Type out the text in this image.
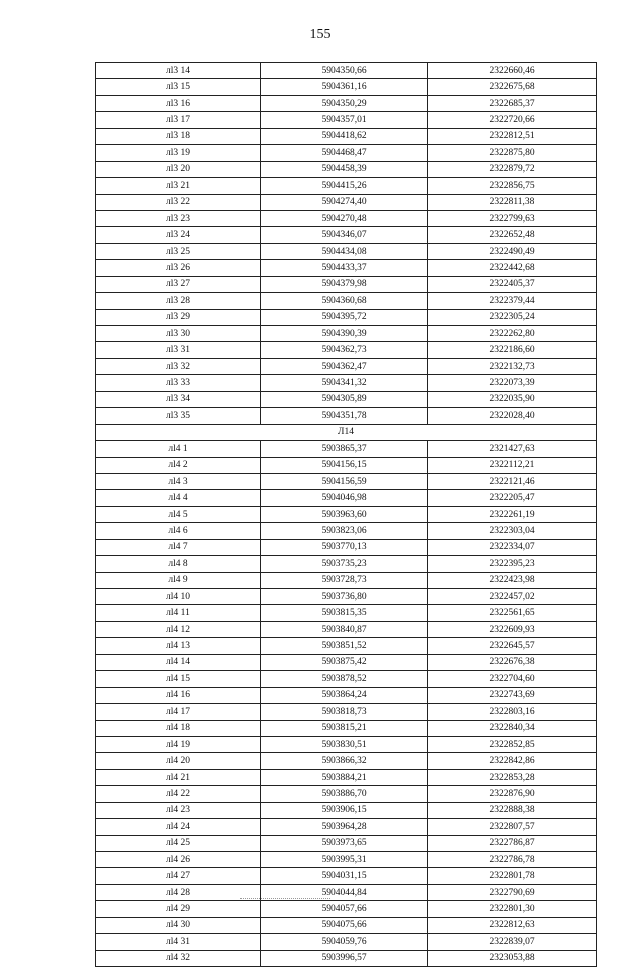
155
лl3 14	5904350,66	2322660,46
лl3 15	5904361,16	2322675,68
лl3 16	5904350,29	2322685,37
лl3 17	5904357,01	2322720,66
лl3 18	5904418,62	2322812,51
лl3 19	5904468,47	2322875,80
лl3 20	5904458,39	2322879,72
лl3 21	5904415,26	2322856,75
лl3 22	5904274,40	2322811,38
лl3 23	5904270,48	2322799,63
лl3 24	5904346,07	2322652,48
лl3 25	5904434,08	2322490,49
лl3 26	5904433,37	2322442,68
лl3 27	5904379,98	2322405,37
лl3 28	5904360,68	2322379,44
лl3 29	5904395,72	2322305,24
лl3 30	5904390,39	2322262,80
лl3 31	5904362,73	2322186,60
лl3 32	5904362,47	2322132,73
лl3 33	5904341,32	2322073,39
лl3 34	5904305,89	2322035,90
лl3 35	5904351,78	2322028,40
Л14		
лl4 1	5903865,37	2321427,63
лl4 2	5904156,15	2322112,21
лl4 3	5904156,59	2322121,46
лl4 4	5904046,98	2322205,47
лl4 5	5903963,60	2322261,19
лl4 6	5903823,06	2322303,04
лl4 7	5903770,13	2322334,07
лl4 8	5903735,23	2322395,23
лl4 9	5903728,73	2322423,98
лl4 10	5903736,80	2322457,02
лl4 11	5903815,35	2322561,65
лl4 12	5903840,87	2322609,93
лl4 13	5903851,52	2322645,57
лl4 14	5903875,42	2322676,38
лl4 15	5903878,52	2322704,60
лl4 16	5903864,24	2322743,69
лl4 17	5903818,73	2322803,16
лl4 18	5903815,21	2322840,34
лl4 19	5903830,51	2322852,85
лl4 20	5903866,32	2322842,86
лl4 21	5903884,21	2322853,28
лl4 22	5903886,70	2322876,90
лl4 23	5903906,15	2322888,38
лl4 24	5903964,28	2322807,57
лl4 25	5903973,65	2322786,87
лl4 26	5903995,31	2322786,78
лl4 27	5904031,15	2322801,78
лl4 28	5904044,84	2322790,69
лl4 29	5904057,66	2322801,30
лl4 30	5904075,66	2322812,63
лl4 31	5904059,76	2322839,07
лl4 32	5903996,57	2323053,88
